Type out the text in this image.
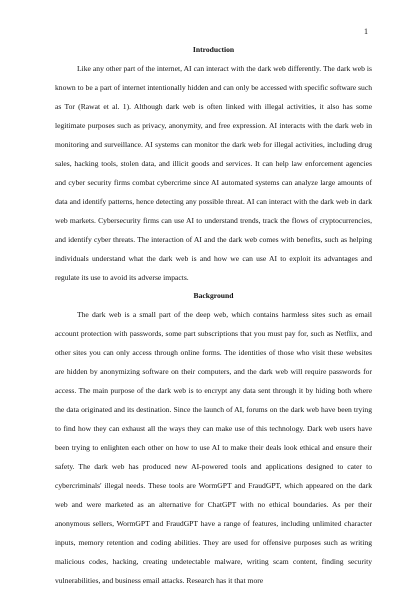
1
Introduction

Like any other part of the internet, AI can interact with the dark web differently. The dark web is known to be a part of internet intentionally hidden and can only be accessed with specific software such as Tor (Rawat et al. 1). Although dark web is often linked with illegal activities, it also has some legitimate purposes such as privacy, anonymity, and free expression. AI interacts with the dark web in monitoring and surveillance. AI systems can monitor the dark web for illegal activities, including drug sales, hacking tools, stolen data, and illicit goods and services. It can help law enforcement agencies and cyber security firms combat cybercrime since AI automated systems can analyze large amounts of data and identify patterns, hence detecting any possible threat. AI can interact with the dark web in dark web markets. Cybersecurity firms can use AI to understand trends, track the flows of cryptocurrencies, and identify cyber threats. The interaction of AI and the dark web comes with benefits, such as helping individuals understand what the dark web is and how we can use AI to exploit its advantages and regulate its use to avoid its adverse impacts.

Background

The dark web is a small part of the deep web, which contains harmless sites such as email account protection with passwords, some part subscriptions that you must pay for, such as Netflix, and other sites you can only access through online forms. The identities of those who visit these websites are hidden by anonymizing software on their computers, and the dark web will require passwords for access. The main purpose of the dark web is to encrypt any data sent through it by hiding both where the data originated and its destination. Since the launch of AI, forums on the dark web have been trying to find how they can exhaust all the ways they can make use of this technology. Dark web users have been trying to enlighten each other on how to use AI to make their deals look ethical and ensure their safety. The dark web has produced new AI-powered tools and applications designed to cater to cybercriminals' illegal needs. These tools are WormGPT and FraudGPT, which appeared on the dark web and were marketed as an alternative for ChatGPT with no ethical boundaries. As per their anonymous sellers, WormGPT and FraudGPT have a range of features, including unlimited character inputs, memory retention and coding abilities. They are used for offensive purposes such as writing malicious codes, hacking, creating undetectable malware, writing scam content, finding security vulnerabilities, and business email attacks. Research has it that more
